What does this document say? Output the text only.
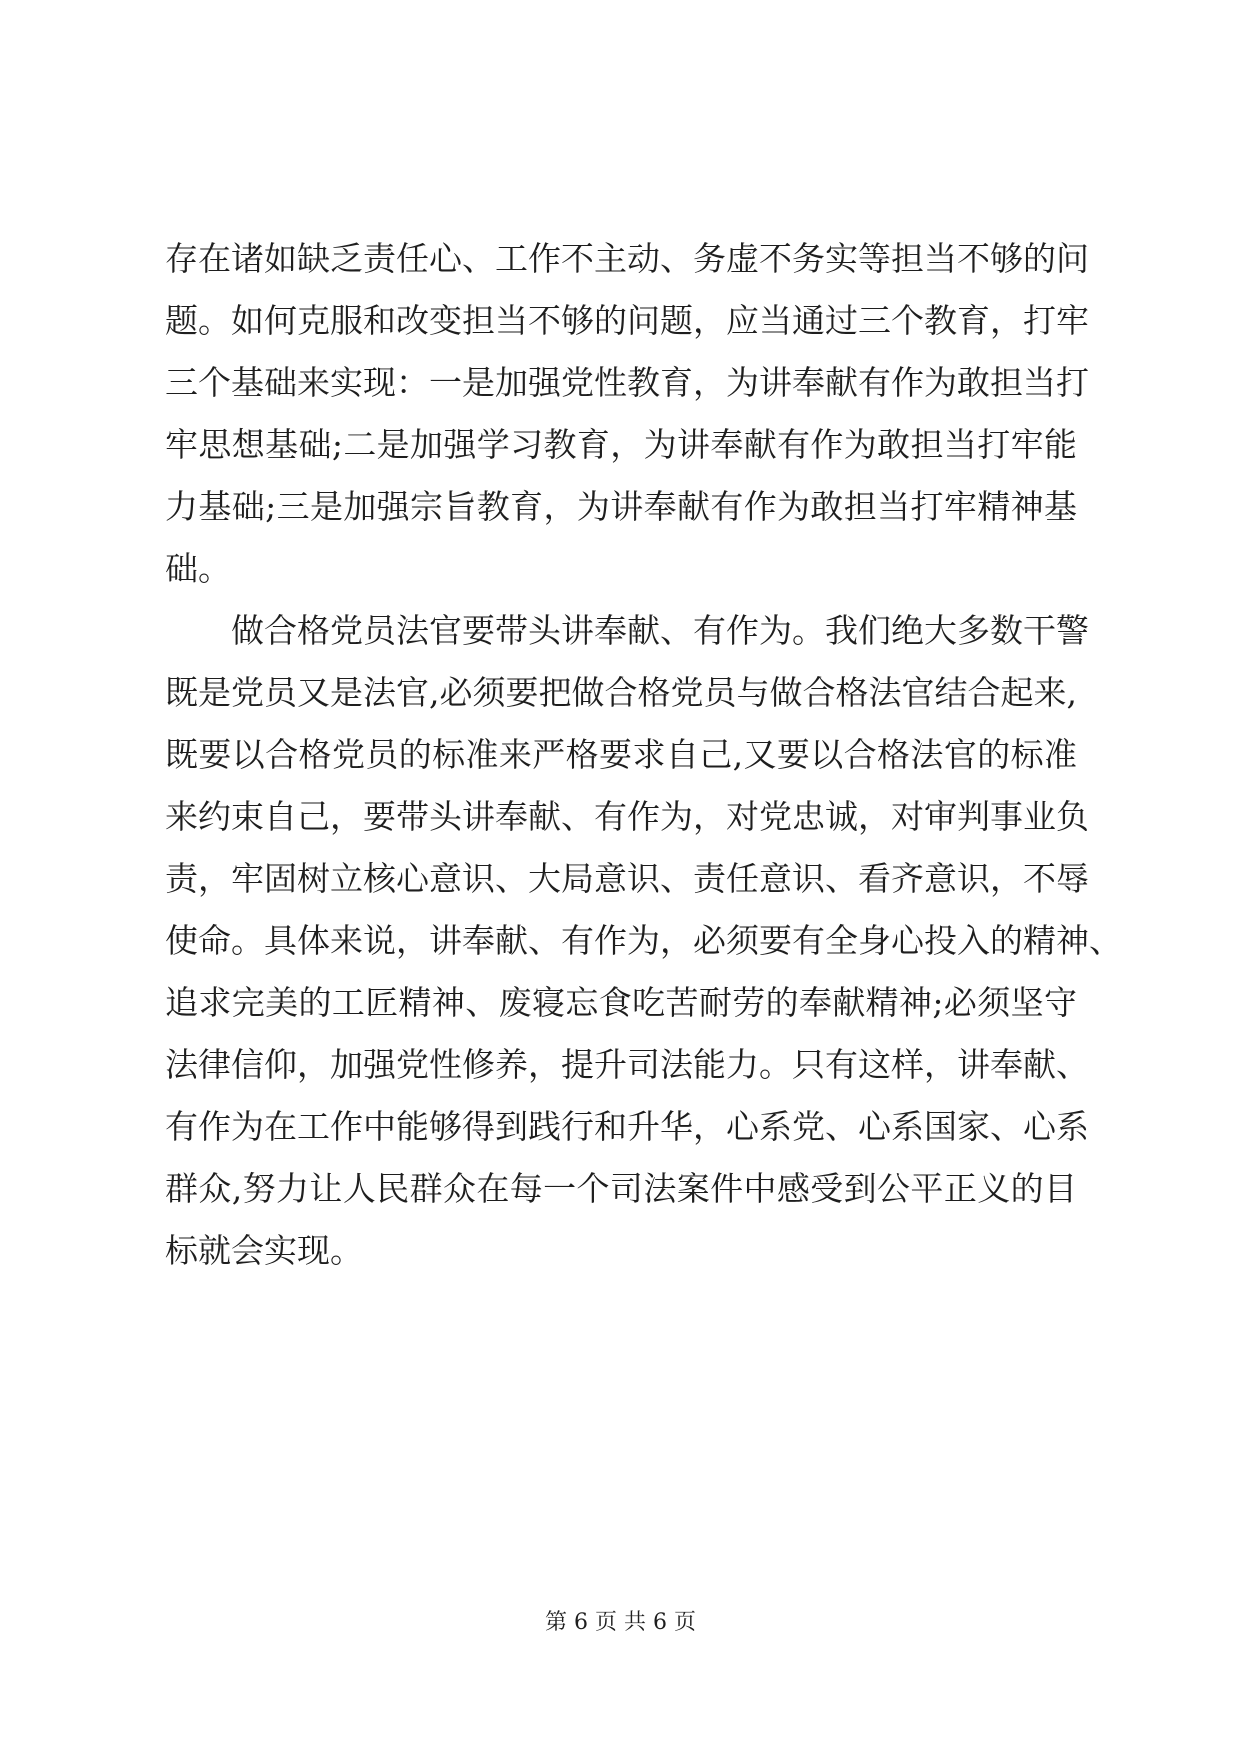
存在诸如缺乏责任心、工作不主动、务虚不务实等担当不够的问
题。如何克服和改变担当不够的问题，应当通过三个教育，打牢
三个基础来实现：一是加强党性教育，为讲奉献有作为敢担当打
牢思想基础;二是加强学习教育，为讲奉献有作为敢担当打牢能
力基础;三是加强宗旨教育，为讲奉献有作为敢担当打牢精神基
础。
做合格党员法官要带头讲奉献、有作为。我们绝大多数干警
既是党员又是法官,必须要把做合格党员与做合格法官结合起来,
既要以合格党员的标准来严格要求自己,又要以合格法官的标准
来约束自己，要带头讲奉献、有作为，对党忠诚，对审判事业负
责，牢固树立核心意识、大局意识、责任意识、看齐意识，不辱
使命。具体来说，讲奉献、有作为，必须要有全身心投入的精神、
追求完美的工匠精神、废寝忘食吃苦耐劳的奉献精神;必须坚守
法律信仰，加强党性修养，提升司法能力。只有这样，讲奉献、
有作为在工作中能够得到践行和升华，心系党、心系国家、心系
群众,努力让人民群众在每一个司法案件中感受到公平正义的目
标就会实现。
第 6 页 共 6 页
